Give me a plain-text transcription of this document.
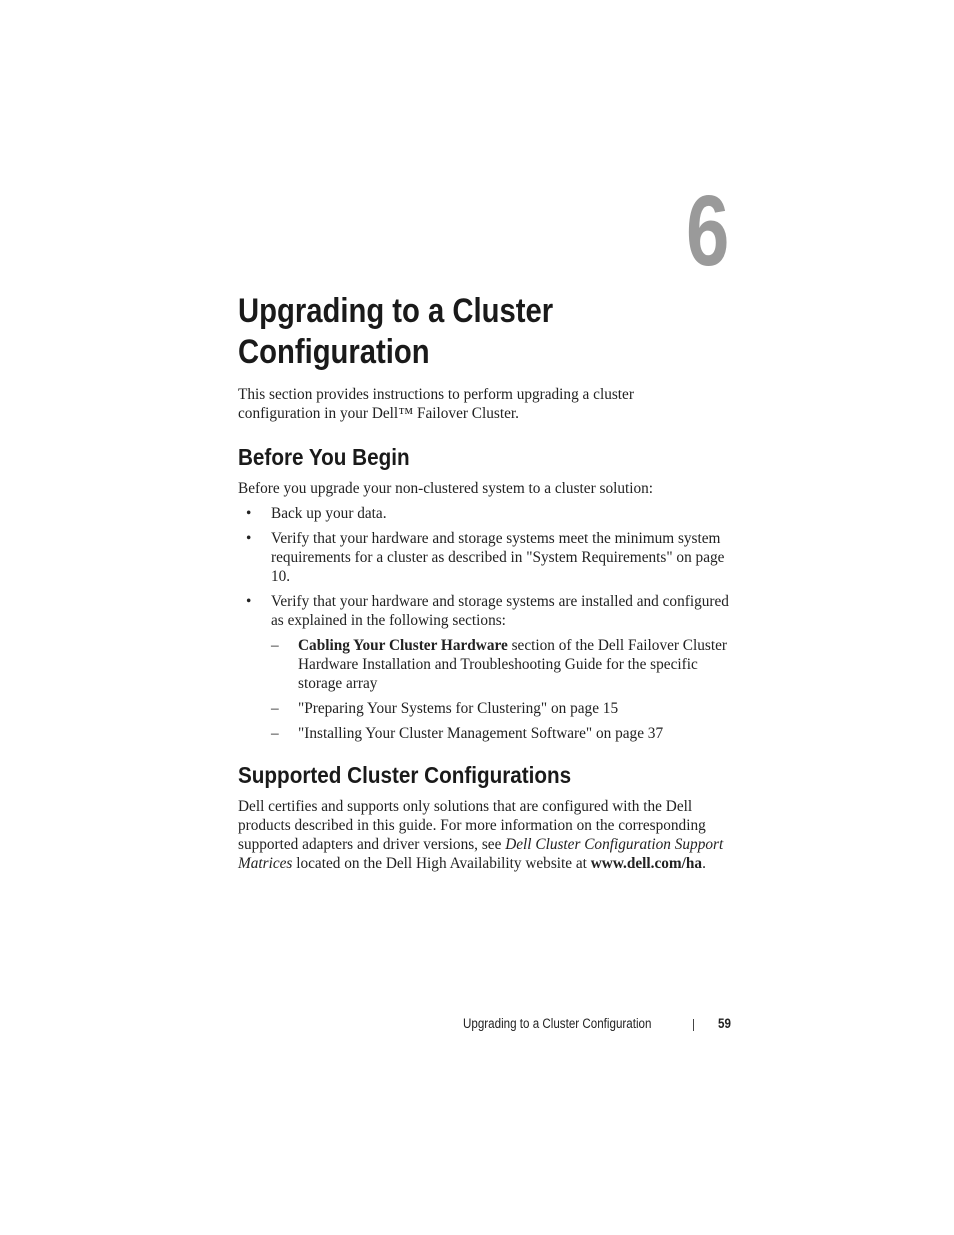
6
Upgrading to a Cluster
Configuration

This section provides instructions to perform upgrading a cluster configuration in your Dell™ Failover Cluster.

Before You Begin

Before you upgrade your non-clustered system to a cluster solution:

• Back up your data.
• Verify that your hardware and storage systems meet the minimum system requirements for a cluster as described in "System Requirements" on page 10.
• Verify that your hardware and storage systems are installed and configured as explained in the following sections:
– Cabling Your Cluster Hardware section of the Dell Failover Cluster Hardware Installation and Troubleshooting Guide for the specific storage array
– "Preparing Your Systems for Clustering" on page 15
– "Installing Your Cluster Management Software" on page 37
Supported Cluster Configurations

Dell certifies and supports only solutions that are configured with the Dell products described in this guide. For more information on the corresponding supported adapters and driver versions, see Dell Cluster Configuration Support Matrices located on the Dell High Availability website at www.dell.com/ha.

Upgrading to a Cluster Configuration	59
